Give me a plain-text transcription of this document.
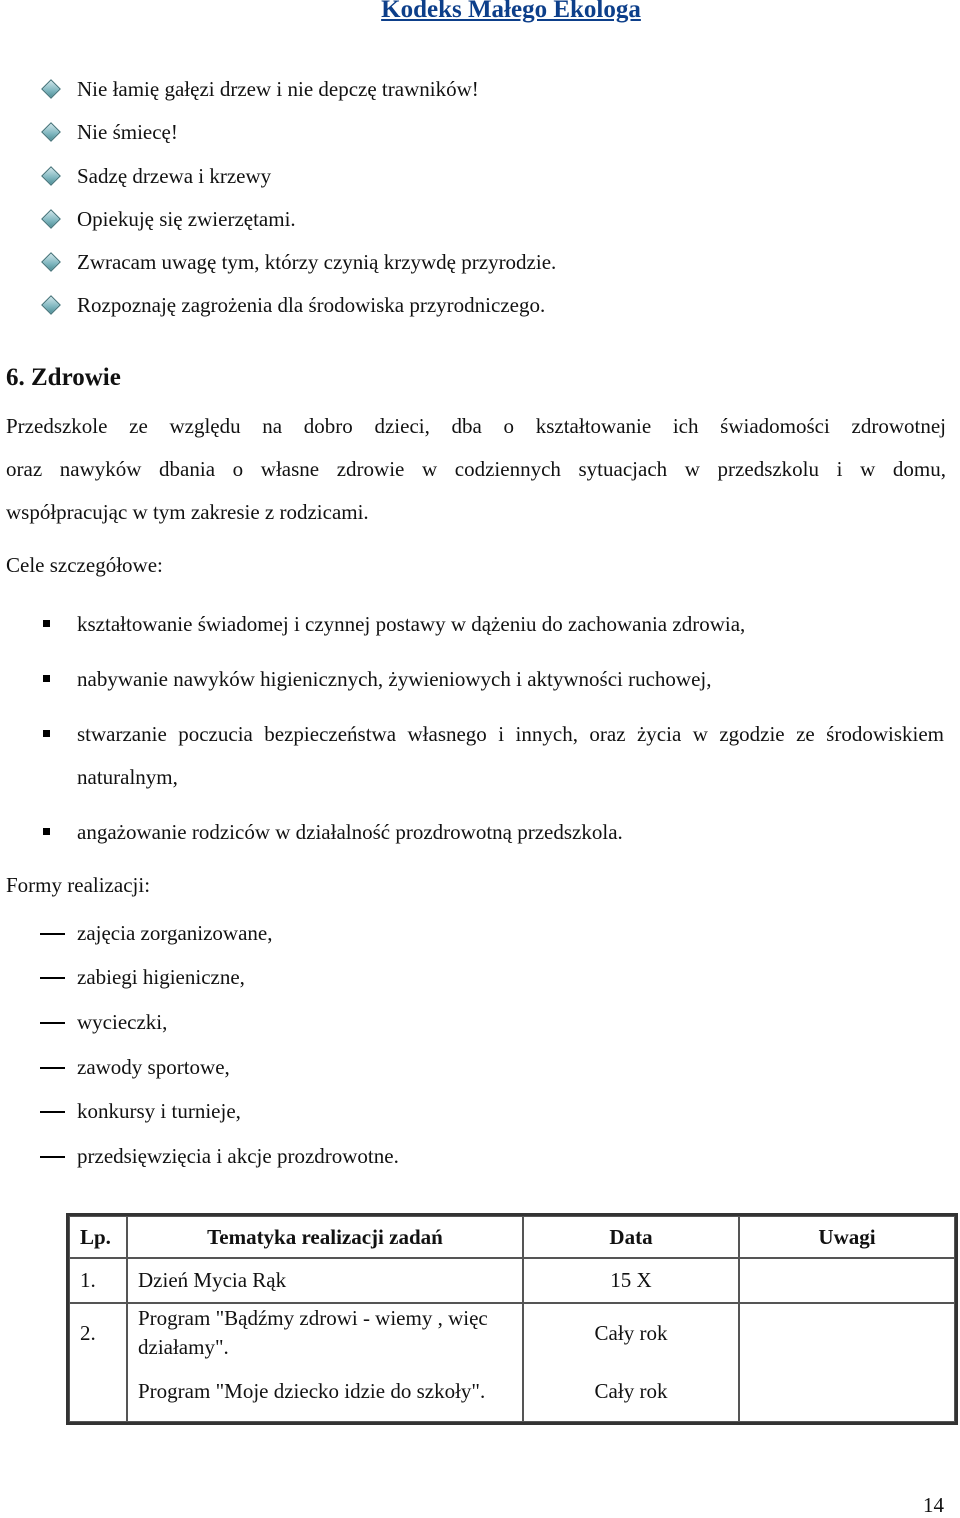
Kodeks Małego Ekologa
Nie łamię gałęzi drzew i nie depczę trawników!
Nie śmiecę!
Sadzę drzewa i krzewy
Opiekuję się zwierzętami.
Zwracam uwagę tym, którzy czynią krzywdę przyrodzie.
Rozpoznaję zagrożenia dla środowiska przyrodniczego.
6. Zdrowie
Przedszkole ze względu na dobro dzieci, dba o kształtowanie ich świadomości zdrowotnej
oraz nawyków dbania o własne zdrowie w codziennych sytuacjach w przedszkolu i w domu,
współpracując w tym zakresie z rodzicami.
Cele szczegółowe:
kształtowanie świadomej i czynnej postawy w dążeniu do zachowania zdrowia,
nabywanie nawyków higienicznych, żywieniowych i aktywności ruchowej,
stwarzanie poczucia bezpieczeństwa własnego i innych, oraz życia w zgodzie ze środowiskiem naturalnym,
angażowanie rodziców w działalność prozdrowotną przedszkola.
Formy realizacji:
zajęcia zorganizowane,
zabiegi higieniczne,
wycieczki,
zawody sportowe,
konkursy i turnieje,
przedsięwzięcia i akcje prozdrowotne.
Lp.	Tematyka realizacji zadań	Data	Uwagi
1.	Dzień Mycia Rąk	15 X	
2.	Program "Bądźmy zdrowi - wiemy , więc działamy".	Cały rok	
	Program "Moje dziecko idzie do szkoły".	Cały rok	
14
